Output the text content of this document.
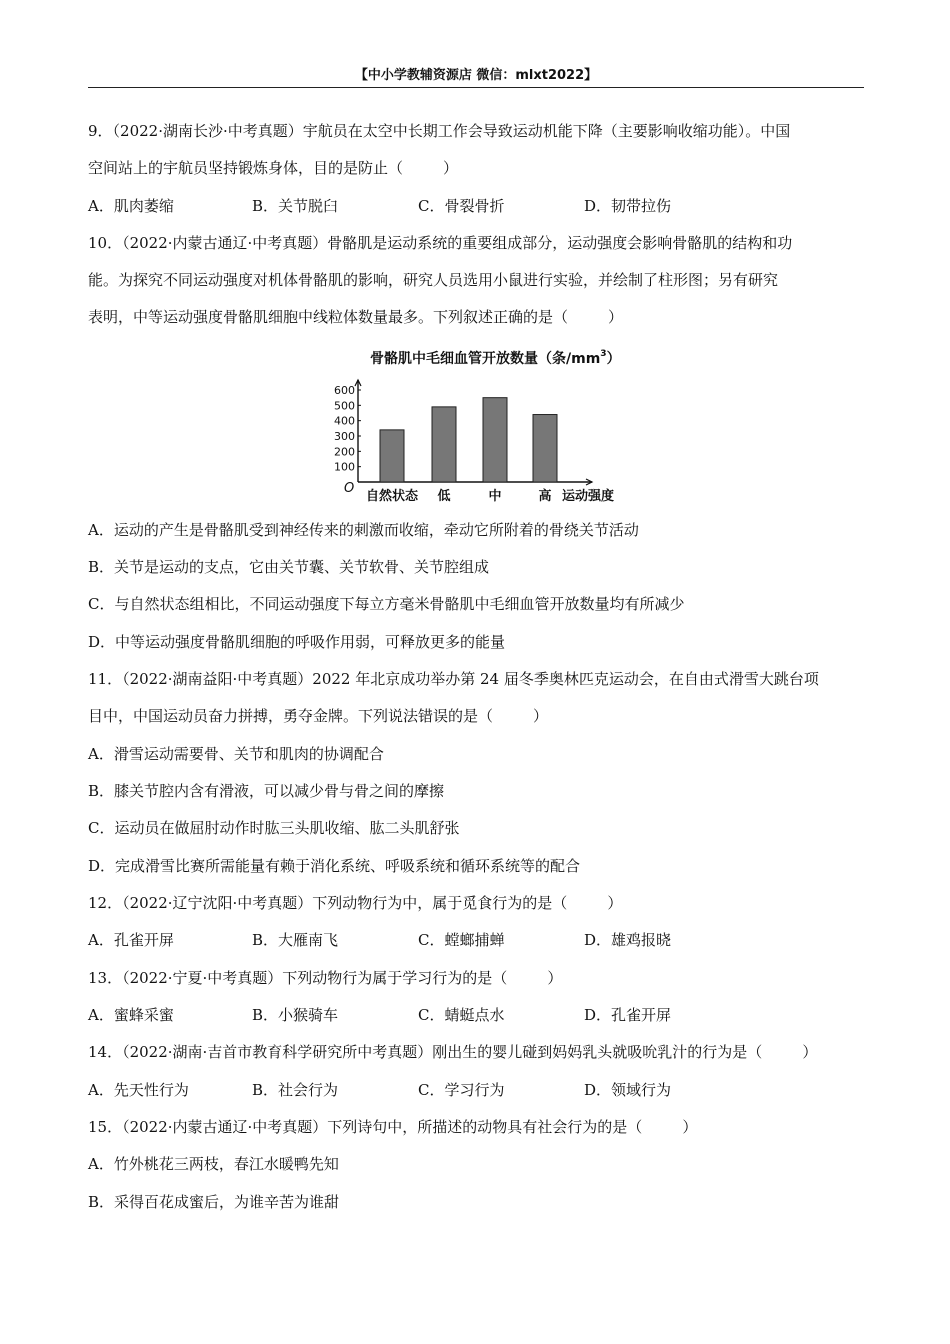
【中小学教辅资源店 微信：mlxt2022】
9．（2022·湖南长沙·中考真题）宇航员在太空中长期工作会导致运动机能下降（主要影响收缩功能）。中国
空间站上的宇航员坚持锻炼身体，目的是防止（	）
A．肌肉萎缩	B．关节脱臼	C．骨裂骨折	D．韧带拉伤
10．（2022·内蒙古通辽·中考真题）骨骼肌是运动系统的重要组成部分，运动强度会影响骨骼肌的结构和功
能。为探究不同运动强度对机体骨骼肌的影响，研究人员选用小鼠进行实验，并绘制了柱形图；另有研究
表明，中等运动强度骨骼肌细胞中线粒体数量最多。下列叙述正确的是（	）
骨骼肌中毛细血管开放数量（条$/mm^3$）
100
200
300
400
500
600
O
自然状态 低	中	高 运动强度
A．运动的产生是骨骼肌受到神经传来的刺激而收缩，牵动它所附着的骨绕关节活动
B．关节是运动的支点，它由关节囊、关节软骨、关节腔组成
C．与自然状态组相比，不同运动强度下每立方毫米骨骼肌中毛细血管开放数量均有所减少
D．中等运动强度骨骼肌细胞的呼吸作用弱，可释放更多的能量
11．（2022·湖南益阳·中考真题）2022 年北京成功举办第 24 届冬季奥林匹克运动会，在自由式滑雪大跳台项
目中，中国运动员奋力拼搏，勇夺金牌。下列说法错误的是（	）
A．滑雪运动需要骨、关节和肌肉的协调配合
B．膝关节腔内含有滑液，可以减少骨与骨之间的摩擦
C．运动员在做屈肘动作时肱三头肌收缩、肱二头肌舒张
D．完成滑雪比赛所需能量有赖于消化系统、呼吸系统和循环系统等的配合
12．（2022·辽宁沈阳·中考真题）下列动物行为中，属于觅食行为的是（	）
A．孔雀开屏	B．大雁南飞	C．螳螂捕蝉	D．雄鸡报晓
13．（2022·宁夏·中考真题）下列动物行为属于学习行为的是（	）
A．蜜蜂采蜜	B．小猴骑车	C．蜻蜓点水	D．孔雀开屏
14．（2022·湖南·吉首市教育科学研究所中考真题）刚出生的婴儿碰到妈妈乳头就吸吮乳汁的行为是（	）
A．先天性行为	B．社会行为	C．学习行为	D．领域行为
15．（2022·内蒙古通辽·中考真题）下列诗句中，所描述的动物具有社会行为的是（	）
A．竹外桃花三两枝，春江水暖鸭先知
B．采得百花成蜜后，为谁辛苦为谁甜
